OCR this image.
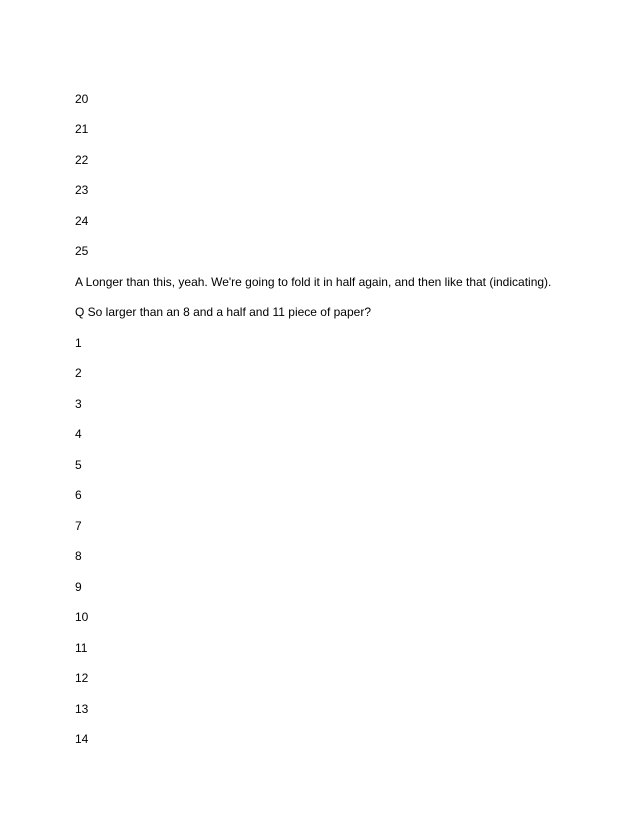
20
21
22
23
24
25
A Longer than this, yeah. We're going to fold it in half again, and then like that (indicating).
Q So larger than an 8 and a half and 11 piece of paper?
1
2
3
4
5
6
7
8
9
10
11
12
13
14
